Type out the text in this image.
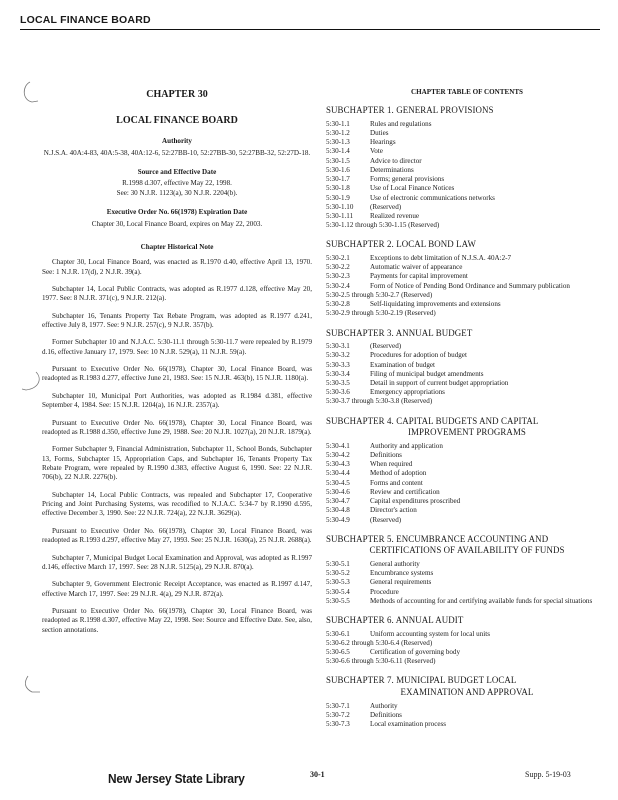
LOCAL FINANCE BOARD
CHAPTER 30
LOCAL FINANCE BOARD
Authority
N.J.S.A. 40A:4-83, 40A:5-38, 40A:12-6, 52:27BB-10, 52:27BB-30, 52:27BB-32, 52:27D-18.
Source and Effective Date
R.1998 d.307, effective May 22, 1998.
See: 30 N.J.R. 1123(a), 30 N.J.R. 2204(b).
Executive Order No. 66(1978) Expiration Date
Chapter 30, Local Finance Board, expires on May 22, 2003.
Chapter Historical Note

Chapter 30, Local Finance Board, was enacted as R.1970 d.40, effective April 13, 1970. See: 1 N.J.R. 17(d), 2 N.J.R. 39(a).

Subchapter 14, Local Public Contracts, was adopted as R.1977 d.128, effective May 20, 1977. See: 8 N.J.R. 371(c), 9 N.J.R. 212(a).

Subchapter 16, Tenants Property Tax Rebate Program, was adopted as R.1977 d.241, effective July 8, 1977. See: 9 N.J.R. 257(c), 9 N.J.R. 357(b).

Former Subchapter 10 and N.J.A.C. 5:30-11.1 through 5:30-11.7 were repealed by R.1979 d.16, effective January 17, 1979. See: 10 N.J.R. 529(a), 11 N.J.R. 59(a).

Pursuant to Executive Order No. 66(1978), Chapter 30, Local Finance Board, was readopted as R.1983 d.277, effective June 21, 1983. See: 15 N.J.R. 463(b), 15 N.J.R. 1180(a).

Subchapter 10, Municipal Port Authorities, was adopted as R.1984 d.381, effective September 4, 1984. See: 15 N.J.R. 1204(a), 16 N.J.R. 2357(a).

Pursuant to Executive Order No. 66(1978), Chapter 30, Local Finance Board, was readopted as R.1988 d.350, effective June 29, 1988. See: 20 N.J.R. 1027(a), 20 N.J.R. 1879(a).

Former Subchapter 9, Financial Administration, Subchapter 11, School Bonds, Subchapter 13, Forms, Subchapter 15, Appropriation Caps, and Subchapter 16, Tenants Property Tax Rebate Program, were repealed by R.1990 d.383, effective August 6, 1990. See: 22 N.J.R. 706(b), 22 N.J.R. 2276(b).

Subchapter 14, Local Public Contracts, was repealed and Subchapter 17, Cooperative Pricing and Joint Purchasing Systems, was recodified to N.J.A.C. 5:34-7 by R.1990 d.595, effective December 3, 1990. See: 22 N.J.R. 724(a), 22 N.J.R. 3629(a).

Pursuant to Executive Order No. 66(1978), Chapter 30, Local Finance Board, was readopted as R.1993 d.297, effective May 27, 1993. See: 25 N.J.R. 1630(a), 25 N.J.R. 2688(a).

Subchapter 7, Municipal Budget Local Examination and Approval, was adopted as R.1997 d.146, effective March 17, 1997. See: 28 N.J.R. 5125(a), 29 N.J.R. 870(a).

Subchapter 9, Government Electronic Receipt Acceptance, was enacted as R.1997 d.147, effective March 17, 1997. See: 29 N.J.R. 4(a), 29 N.J.R. 872(a).

Pursuant to Executive Order No. 66(1978), Chapter 30, Local Finance Board, was readopted as R.1998 d.307, effective May 22, 1998. See: Source and Effective Date. See, also, section annotations.

CHAPTER TABLE OF CONTENTS
SUBCHAPTER 1. GENERAL PROVISIONS
5:30-1.1	Rules and regulations
5:30-1.2	Duties
5:30-1.3	Hearings
5:30-1.4	Vote
5:30-1.5	Advice to director
5:30-1.6	Determinations
5:30-1.7	Forms; general provisions
5:30-1.8	Use of Local Finance Notices
5:30-1.9	Use of electronic communications networks
5:30-1.10	(Reserved)
5:30-1.11	Realized revenue
5:30-1.12 through 5:30-1.15 (Reserved)
SUBCHAPTER 2. LOCAL BOND LAW
5:30-2.1	Exceptions to debt limitation of N.J.S.A. 40A:2-7
5:30-2.2	Automatic waiver of appearance
5:30-2.3	Payments for capital improvement
5:30-2.4	Form of Notice of Pending Bond Ordinance and Summary publication
5:30-2.5 through 5:30-2.7 (Reserved)
5:30-2.8	Self-liquidating improvements and extensions
5:30-2.9 through 5:30-2.19 (Reserved)
SUBCHAPTER 3. ANNUAL BUDGET
5:30-3.1	(Reserved)
5:30-3.2	Procedures for adoption of budget
5:30-3.3	Examination of budget
5:30-3.4	Filing of municipal budget amendments
5:30-3.5	Detail in support of current budget appropriation
5:30-3.6	Emergency appropriations
5:30-3.7 through 5:30-3.8 (Reserved)
SUBCHAPTER 4. CAPITAL BUDGETS AND CAPITAL
IMPROVEMENT PROGRAMS
5:30-4.1	Authority and application
5:30-4.2	Definitions
5:30-4.3	When required
5:30-4.4	Method of adoption
5:30-4.5	Forms and content
5:30-4.6	Review and certification
5:30-4.7	Capital expenditures proscribed
5:30-4.8	Director's action
5:30-4.9	(Reserved)
SUBCHAPTER 5. ENCUMBRANCE ACCOUNTING AND
CERTIFICATIONS OF AVAILABILITY OF FUNDS
5:30-5.1	General authority
5:30-5.2	Encumbrance systems
5:30-5.3	General requirements
5:30-5.4	Procedure
5:30-5.5	Methods of accounting for and certifying available funds for special situations
SUBCHAPTER 6. ANNUAL AUDIT
5:30-6.1	Uniform accounting system for local units
5:30-6.2 through 5:30-6.4 (Reserved)
5:30-6.5	Certification of governing body
5:30-6.6 through 5:30-6.11 (Reserved)
SUBCHAPTER 7. MUNICIPAL BUDGET LOCAL
EXAMINATION AND APPROVAL
5:30-7.1	Authority
5:30-7.2	Definitions
5:30-7.3	Local examination process
New Jersey State Library	30-1	Supp. 5-19-03
